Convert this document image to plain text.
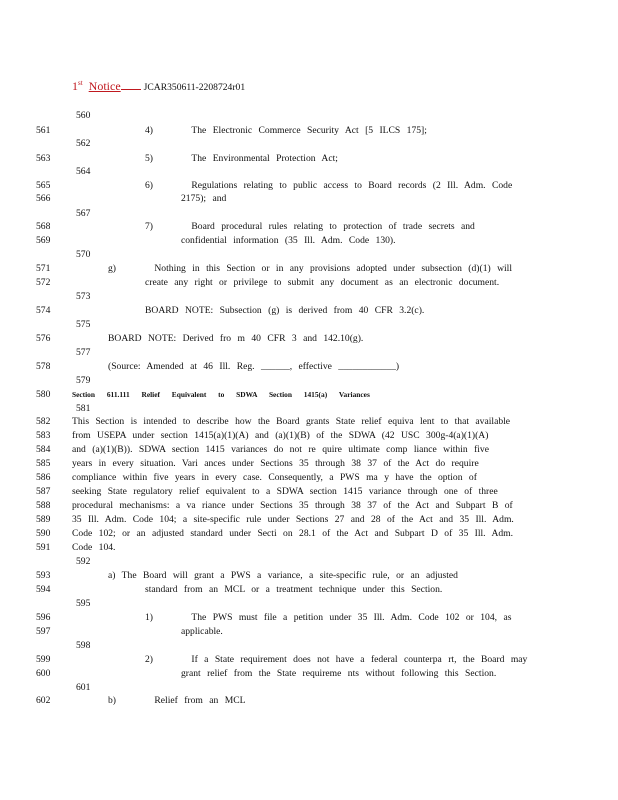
1st Notice JCAR350611-2208724r01
560
561	4)      The Electronic Commerce Security Act [5 ILCS 175];
562
563	5)      The Environmental Protection Act;
564
565	6)      Regulations relating to public access to Board records (2 Ill. Adm. Code
566	2175); and
567
568	7)      Board procedural rules relating to protection of trade secrets and
569	confidential information (35 Ill. Adm. Code 130).
570
571	g)      Nothing in this Section or in any provisions adopted under subsection (d)(1) will
572	create any right or privilege to submit any document as an electronic document.
573
574	BOARD NOTE: Subsection (g) is derived from 40 CFR 3.2(c).
575
576	BOARD NOTE: Derived fro m 40 CFR 3 and 142.10(g).
577
578	(Source: Amended at 46 Ill. Reg. ______, effective ____________)
579
580	Section 611.111 Relief Equivalent to SDWA Section 1415(a) Variances
581
582	This Section is intended to describe how the Board grants State relief equiva lent to that available
583	from USEPA under section 1415(a)(1)(A) and (a)(1)(B) of the SDWA (42 USC 300g-4(a)(1)(A)
584	and (a)(1)(B)). SDWA section 1415 variances do not re quire ultimate comp liance within five
585	years in every situation. Vari ances under Sections 35 through 38 37 of the Act do require
586	compliance within five years in every case. Consequently, a PWS ma y have the option of
587	seeking State regulatory relief equivalent to a SDWA section 1415 variance through one of three
588	procedural mechanisms: a va riance under Sections 35 through 38 37 of the Act and Subpart B of
589	35 Ill. Adm. Code 104; a site-specific rule under Sections 27 and 28 of the Act and 35 Ill. Adm.
590	Code 102; or an adjusted standard under Secti on 28.1 of the Act and Subpart D of 35 Ill. Adm.
591	Code 104.
592
593	a) The Board will grant a PWS a variance, a site-specific rule, or an adjusted
594	standard from an MCL or a treatment technique under this Section.
595
596	1)      The PWS must file a petition under 35 Ill. Adm. Code 102 or 104, as
597	applicable.
598
599	2)      If a State requirement does not have a federal counterpa rt, the Board may
600	grant relief from the State requireme nts without following this Section.
601
602	b)      Relief from an MCL
